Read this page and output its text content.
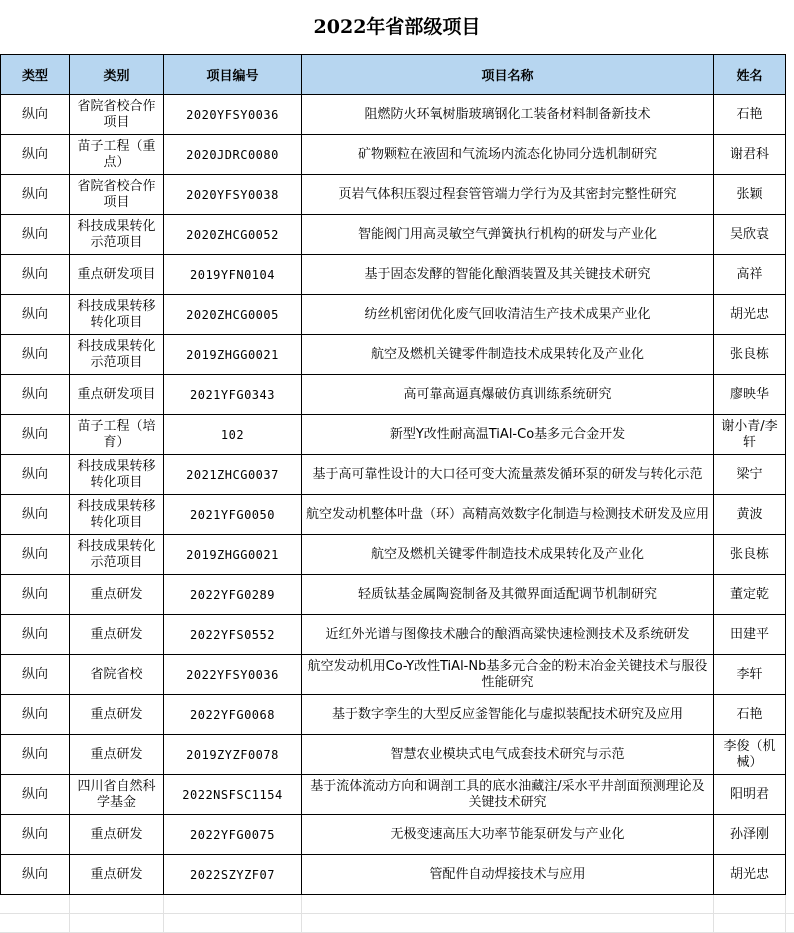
2022年省部级项目
类型	类别	项目编号	项目名称	姓名	
纵向	省院省校合作项目	2020YFSY0036	阻燃防火环氧树脂玻璃钢化工装备材料制备新技术	石艳	
纵向	苗子工程（重点）	2020JDRC0080	矿物颗粒在液固和气流场内流态化协同分选机制研究	谢君科	
纵向	省院省校合作项目	2020YFSY0038	页岩气体积压裂过程套管管端力学行为及其密封完整性研究	张颖	
纵向	科技成果转化示范项目	2020ZHCG0052	智能阀门用高灵敏空气弹簧执行机构的研发与产业化	吴欣袁	
纵向	重点研发项目	2019YFN0104	基于固态发酵的智能化酿酒装置及其关键技术研究	高祥	
纵向	科技成果转移转化项目	2020ZHCG0005	纺丝机密闭优化废气回收清洁生产技术成果产业化	胡光忠	
纵向	科技成果转化示范项目	2019ZHGG0021	航空及燃机关键零件制造技术成果转化及产业化	张良栋	
纵向	重点研发项目	2021YFG0343	高可靠高逼真爆破仿真训练系统研究	廖映华	
纵向	苗子工程（培育）	102	新型Y改性耐高温TiAl-Co基多元合金开发	谢小青/李轩	
纵向	科技成果转移转化项目	2021ZHCG0037	基于高可靠性设计的大口径可变大流量蒸发循环泵的研发与转化示范	梁宁	
纵向	科技成果转移转化项目	2021YFG0050	航空发动机整体叶盘（环）高精高效数字化制造与检测技术研发及应用	黄波	
纵向	科技成果转化示范项目	2019ZHGG0021	航空及燃机关键零件制造技术成果转化及产业化	张良栋	
纵向	重点研发	2022YFG0289	轻质钛基金属陶瓷制备及其微界面适配调节机制研究	董定乾	
纵向	重点研发	2022YFS0552	近红外光谱与图像技术融合的酿酒高粱快速检测技术及系统研发	田建平	
纵向	省院省校	2022YFSY0036	航空发动机用Co-Y改性TiAl-Nb基多元合金的粉末冶金关键技术与服役性能研究	李轩	
纵向	重点研发	2022YFG0068	基于数字孪生的大型反应釜智能化与虚拟装配技术研究及应用	石艳	
纵向	重点研发	2019ZYZF0078	智慧农业模块式电气成套技术研究与示范	李俊（机械）	
纵向	四川省自然科学基金	2022NSFSC1154	基于流体流动方向和调剖工具的底水油藏注/采水平井剖面预测理论及关键技术研究	阳明君	
纵向	重点研发	2022YFG0075	无极变速高压大功率节能泵研发与产业化	孙泽刚	
纵向	重点研发	2022SZYZF07	管配件自动焊接技术与应用	胡光忠	
